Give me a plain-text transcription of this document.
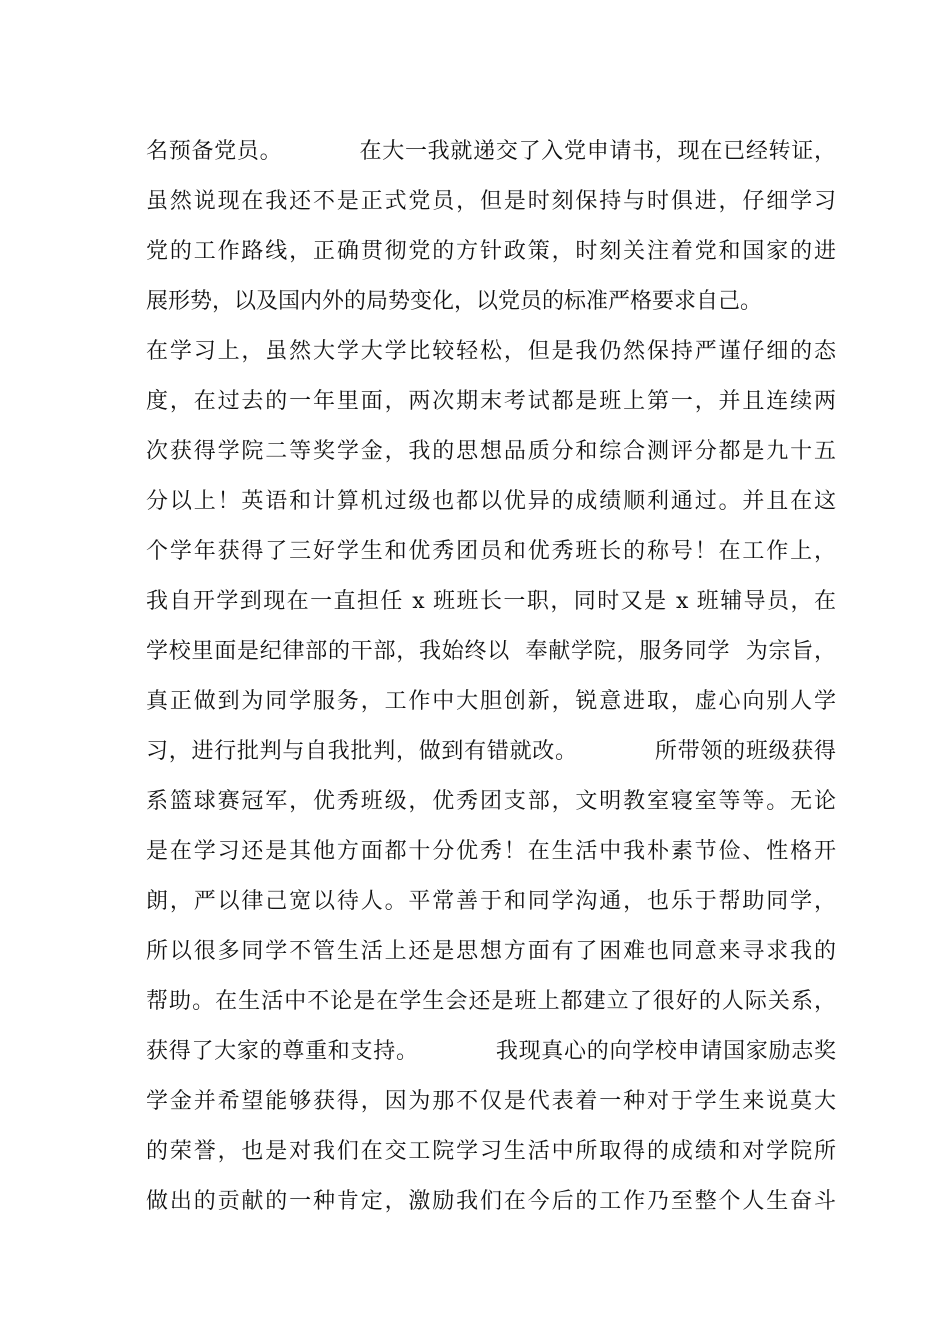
名预备党员。          在大一我就递交了入党申请书，现在已经转证，
虽然说现在我还不是正式党员，但是时刻保持与时俱进，仔细学习
党的工作路线，正确贯彻党的方针政策，时刻关注着党和国家的进
展形势，以及国内外的局势变化，以党员的标准严格要求自己。
在学习上，虽然大学大学比较轻松，但是我仍然保持严谨仔细的态
度，在过去的一年里面，两次期末考试都是班上第一，并且连续两
次获得学院二等奖学金，我的思想品质分和综合测评分都是九十五
分以上！英语和计算机过级也都以优异的成绩顺利通过。并且在这
个学年获得了三好学生和优秀团员和优秀班长的称号！在工作上，
我自开学到现在一直担任 x 班班长一职，同时又是 x 班辅导员，在
学校里面是纪律部的干部，我始终以  奉献学院，服务同学  为宗旨，
真正做到为同学服务，工作中大胆创新，锐意进取，虚心向别人学
习，进行批判与自我批判，做到有错就改。          所带领的班级获得
系篮球赛冠军，优秀班级，优秀团支部，文明教室寝室等等。无论
是在学习还是其他方面都十分优秀！在生活中我朴素节俭、性格开
朗，严以律己宽以待人。平常善于和同学沟通，也乐于帮助同学，
所以很多同学不管生活上还是思想方面有了困难也同意来寻求我的
帮助。在生活中不论是在学生会还是班上都建立了很好的人际关系，
获得了大家的尊重和支持。          我现真心的向学校申请国家励志奖
学金并希望能够获得，因为那不仅是代表着一种对于学生来说莫大
的荣誉，也是对我们在交工院学习生活中所取得的成绩和对学院所
做出的贡献的一种肯定，激励我们在今后的工作乃至整个人生奋斗
